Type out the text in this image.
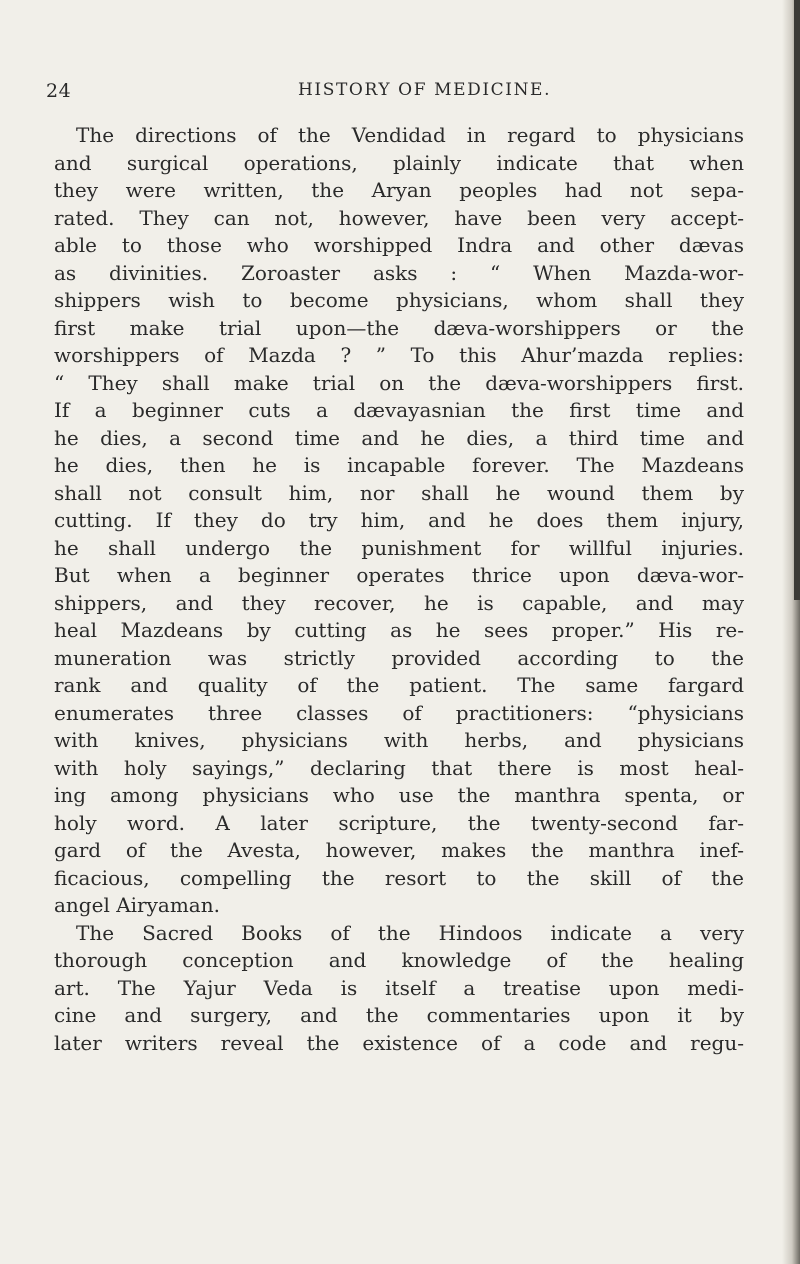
24	HISTORY OF MEDICINE.
The directions of the Vendidad in regard to physicians
and surgical operations, plainly indicate that when
they were written, the Aryan peoples had not sepa-
rated. They can not, however, have been very accept-
able to those who worshipped Indra and other dævas
as divinities. Zoroaster asks : “ When Mazda-wor-
shippers wish to become physicians, whom shall they
first make trial upon—the dæva-worshippers or the
worshippers of Mazda ? ” To this Ahur’mazda replies:
“ They shall make trial on the dæva-worshippers first.
If a beginner cuts a dævayasnian the first time and
he dies, a second time and he dies, a third time and
he dies, then he is incapable forever. The Mazdeans
shall not consult him, nor shall he wound them by
cutting. If they do try him, and he does them injury,
he shall undergo the punishment for willful injuries.
But when a beginner operates thrice upon dæva-wor-
shippers, and they recover, he is capable, and may
heal Mazdeans by cutting as he sees proper.” His re-
muneration was strictly provided according to the
rank and quality of the patient. The same fargard
enumerates three classes of practitioners: “physicians
with knives, physicians with herbs, and physicians
with holy sayings,” declaring that there is most heal-
ing among physicians who use the manthra spenta, or
holy word. A later scripture, the twenty-second far-
gard of the Avesta, however, makes the manthra inef-
ficacious, compelling the resort to the skill of the
angel Airyaman.
The Sacred Books of the Hindoos indicate a very
thorough conception and knowledge of the healing
art. The Yajur Veda is itself a treatise upon medi-
cine and surgery, and the commentaries upon it by
later writers reveal the existence of a code and regu-
